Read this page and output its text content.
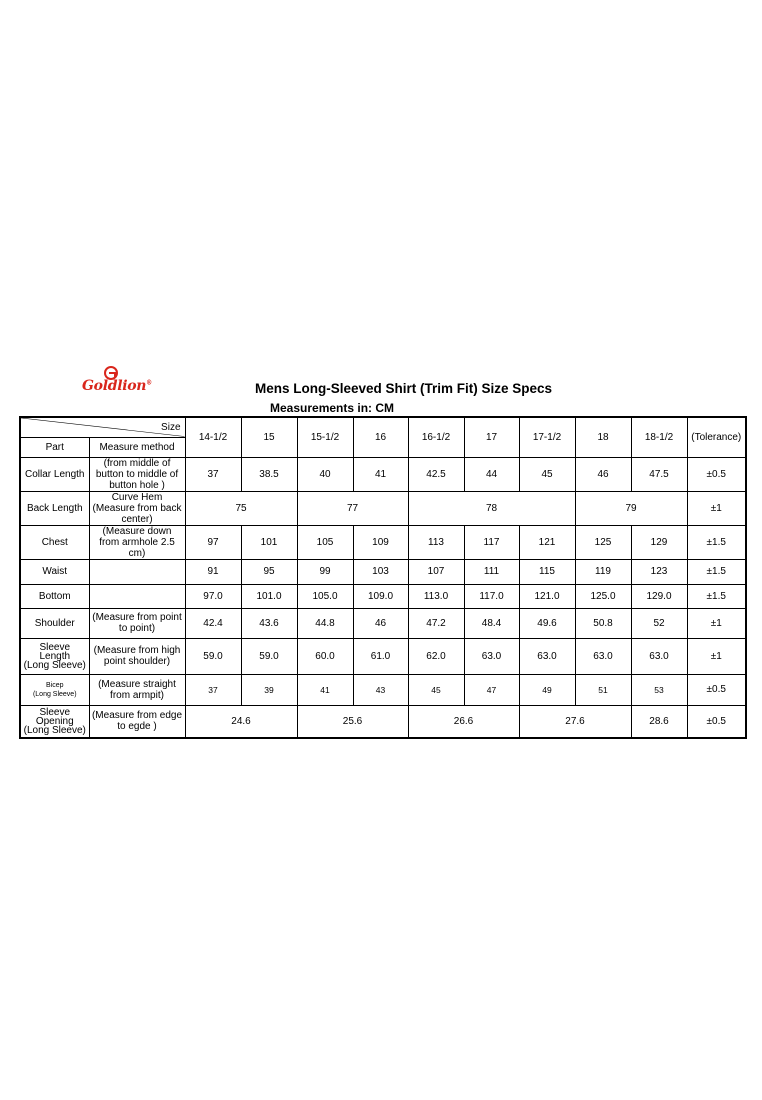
Goldlion®	Mens Long-Sleeved Shirt (Trim Fit) Size Specs
Measurements in: CM
Size		14-1/2	15	15-1/2	16	16-1/2	17	17-1/2	18	18-1/2	(Tolerance)
Part	Measure method										
Collar Length	(from middle of button to middle of button hole )	37	38.5	40	41	42.5	44	45	46	47.5	±0.5
Back Length	Curve Hem (Measure from back center)	75		77		78			79		±1
Chest	(Measure down from armhole 2.5 cm)	97	101	105	109	113	117	121	125	129	±1.5
Waist		91	95	99	103	107	111	115	119	123	±1.5
Bottom		97.0	101.0	105.0	109.0	113.0	117.0	121.0	125.0	129.0	±1.5
Shoulder	(Measure from point to point)	42.4	43.6	44.8	46	47.2	48.4	49.6	50.8	52	±1
Sleeve Length
(Long Sleeve)	(Measure from high point shoulder)	59.0	59.0	60.0	61.0	62.0	63.0	63.0	63.0	63.0	±1
Bicep
(Long Sleeve)	(Measure straight from armpit)	37	39	41	43	45	47	49	51	53	±0.5
Sleeve Opening
(Long Sleeve)	(Measure from edge to egde )	24.6		25.6		26.6		27.6		28.6	±0.5
